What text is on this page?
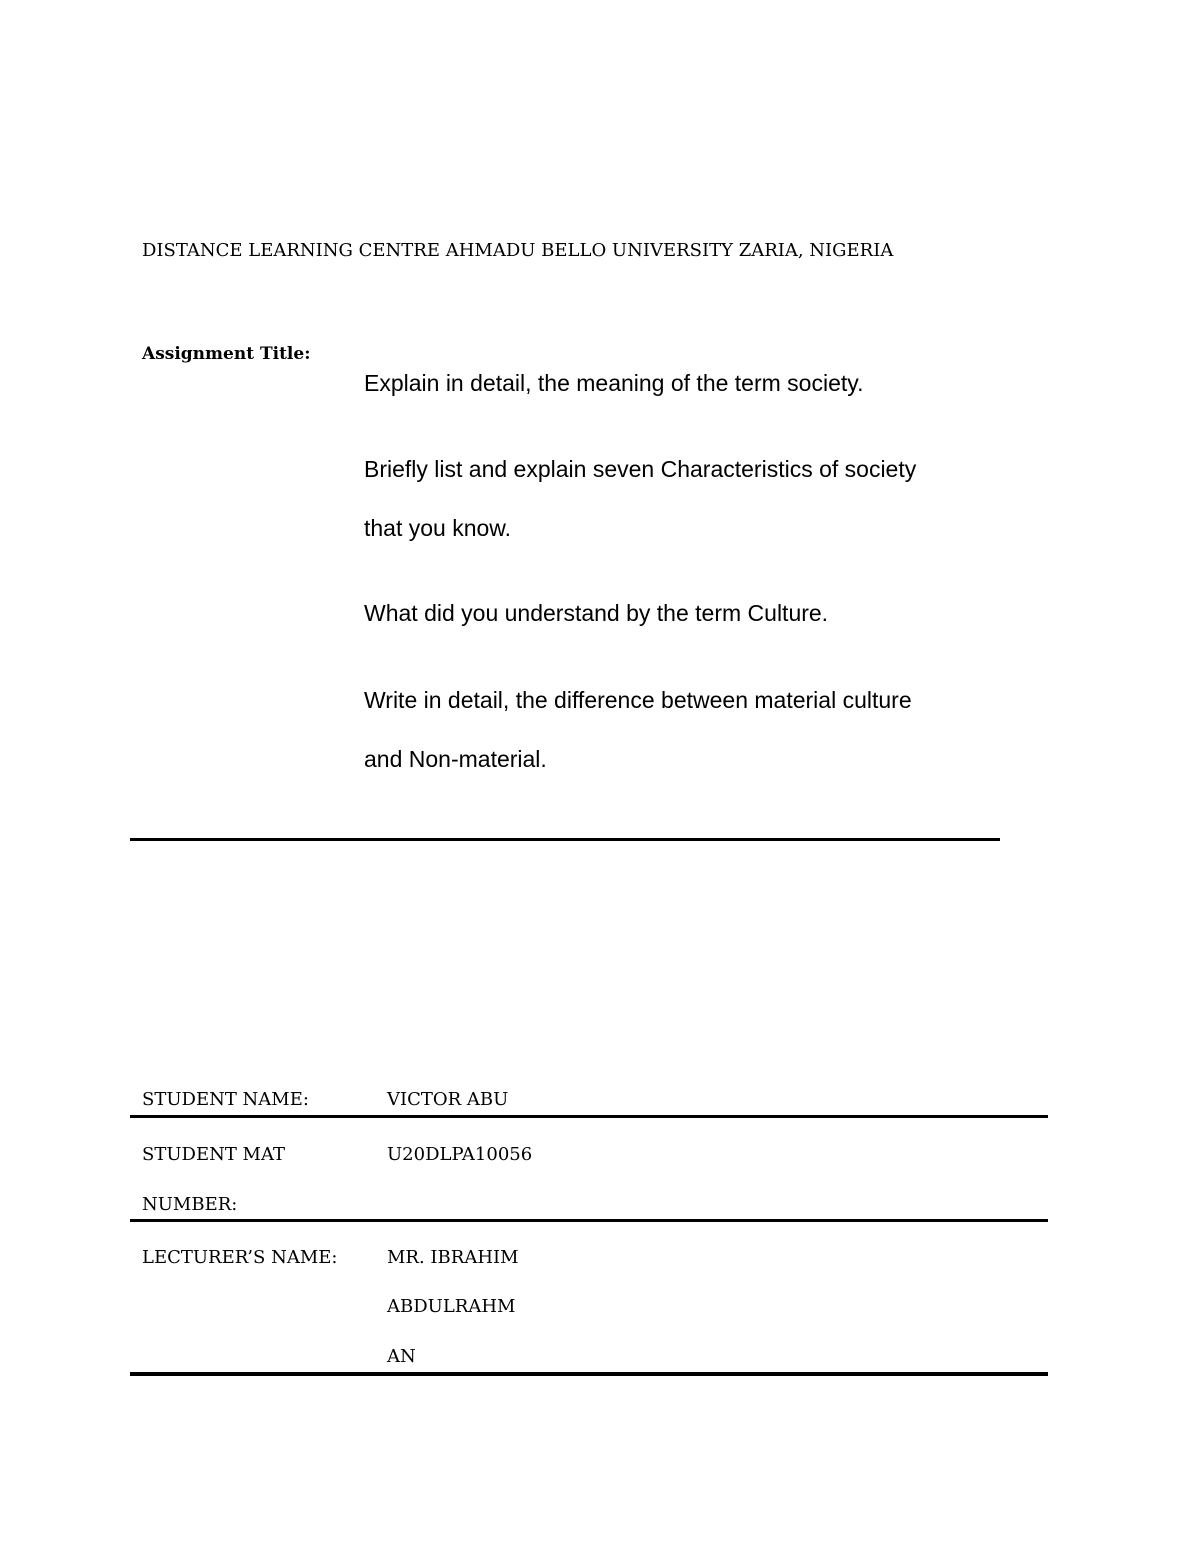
DISTANCE LEARNING CENTRE AHMADU BELLO UNIVERSITY ZARIA, NIGERIA
Assignment Title:
Explain in detail, the meaning of the term society.
Briefly list and explain seven Characteristics of society
that you know.
What did you understand by the term Culture.
Write in detail, the difference between material culture
and Non-material.
STUDENT NAME:	VICTOR ABU
STUDENT MAT
NUMBER:
U20DLPA10056
LECTURER’S NAME:	MR. IBRAHIM
ABDULRAHM
AN
